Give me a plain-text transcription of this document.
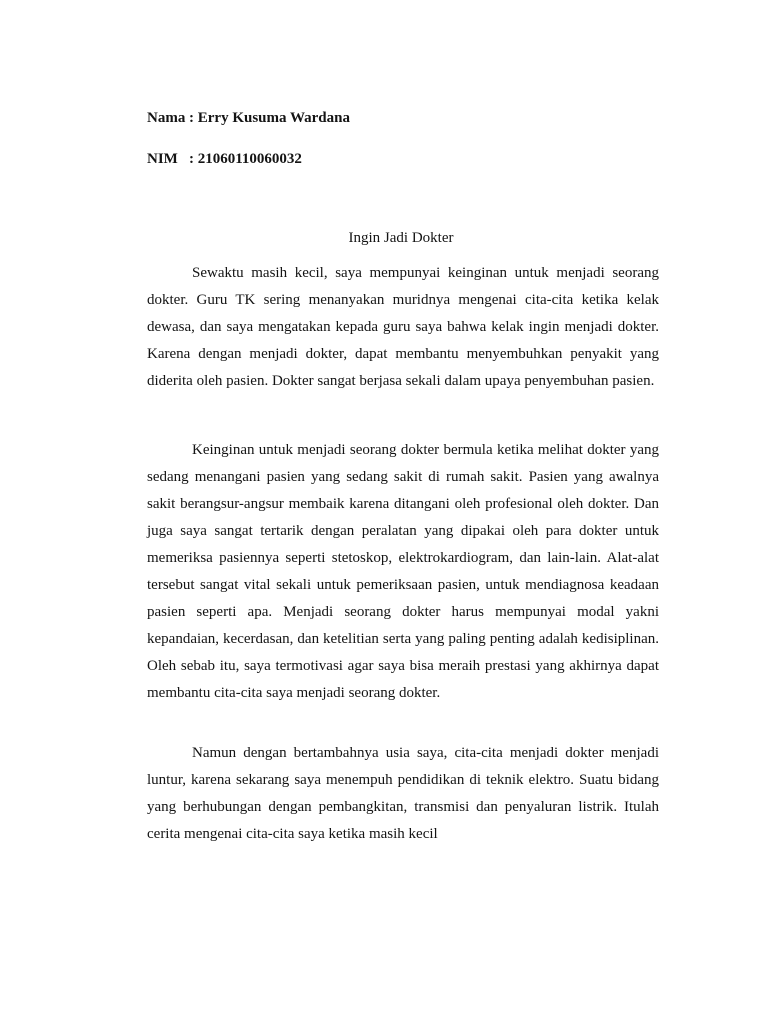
Nama : Erry Kusuma Wardana
NIM : 21060110060032
Ingin Jadi Dokter

Sewaktu masih kecil, saya mempunyai keinginan untuk menjadi seorang dokter. Guru TK sering menanyakan muridnya mengenai cita-cita ketika kelak dewasa, dan saya mengatakan kepada guru saya bahwa kelak ingin menjadi dokter. Karena dengan menjadi dokter, dapat membantu menyembuhkan penyakit yang diderita oleh pasien. Dokter sangat berjasa sekali dalam upaya penyembuhan pasien.

Keinginan untuk menjadi seorang dokter bermula ketika melihat dokter yang sedang menangani pasien yang sedang sakit di rumah sakit. Pasien yang awalnya sakit berangsur-angsur membaik karena ditangani oleh profesional oleh dokter. Dan juga saya sangat tertarik dengan peralatan yang dipakai oleh para dokter untuk memeriksa pasiennya seperti stetoskop, elektrokardiogram, dan lain-lain. Alat-alat tersebut sangat vital sekali untuk pemeriksaan pasien, untuk mendiagnosa keadaan pasien seperti apa. Menjadi seorang dokter harus mempunyai modal yakni kepandaian, kecerdasan, dan ketelitian serta yang paling penting adalah kedisiplinan. Oleh sebab itu, saya termotivasi agar saya bisa meraih prestasi yang akhirnya dapat membantu cita-cita saya menjadi seorang dokter.

Namun dengan bertambahnya usia saya, cita-cita menjadi dokter menjadi luntur, karena sekarang saya menempuh pendidikan di teknik elektro. Suatu bidang yang berhubungan dengan pembangkitan, transmisi dan penyaluran listrik. Itulah cerita mengenai cita-cita saya ketika masih kecil
